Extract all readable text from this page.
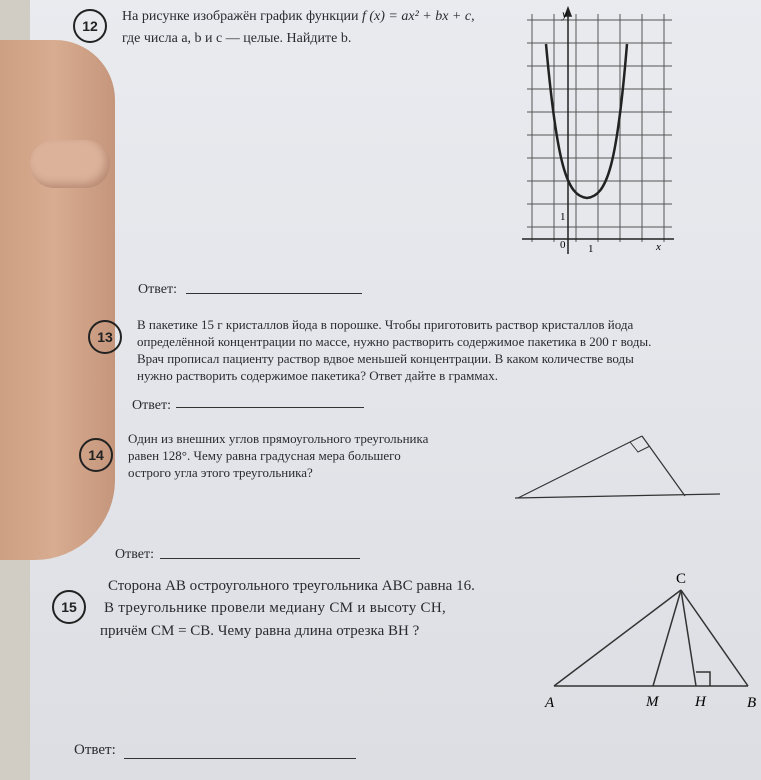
12
На рисунке изображён график функции f (x) = ax² + bx + c,
где числа a, b и c — целые. Найдите b.
y
x
0 1
1
Ответ:
13
В пакетике 15 г кристаллов йода в порошке. Чтобы приготовить раствор кристаллов йода
определённой концентрации по массе, нужно растворить содержимое пакетика в 200 г воды.
Врач прописал пациенту раствор вдвое меньшей концентрации. В каком количестве воды
нужно растворить содержимое пакетика? Ответ дайте в граммах.
Ответ:
14
Один из внешних углов прямоугольного треугольника
равен 128°. Чему равна градусная мера большего
острого угла этого треугольника?
Ответ:
15
Сторона AB остроугольного треугольника ABC равна 16.
В треугольнике провели медиану CM и высоту CH,
причём CM = CB. Чему равна длина отрезка BH ?
C
A	M H	B
Ответ:
